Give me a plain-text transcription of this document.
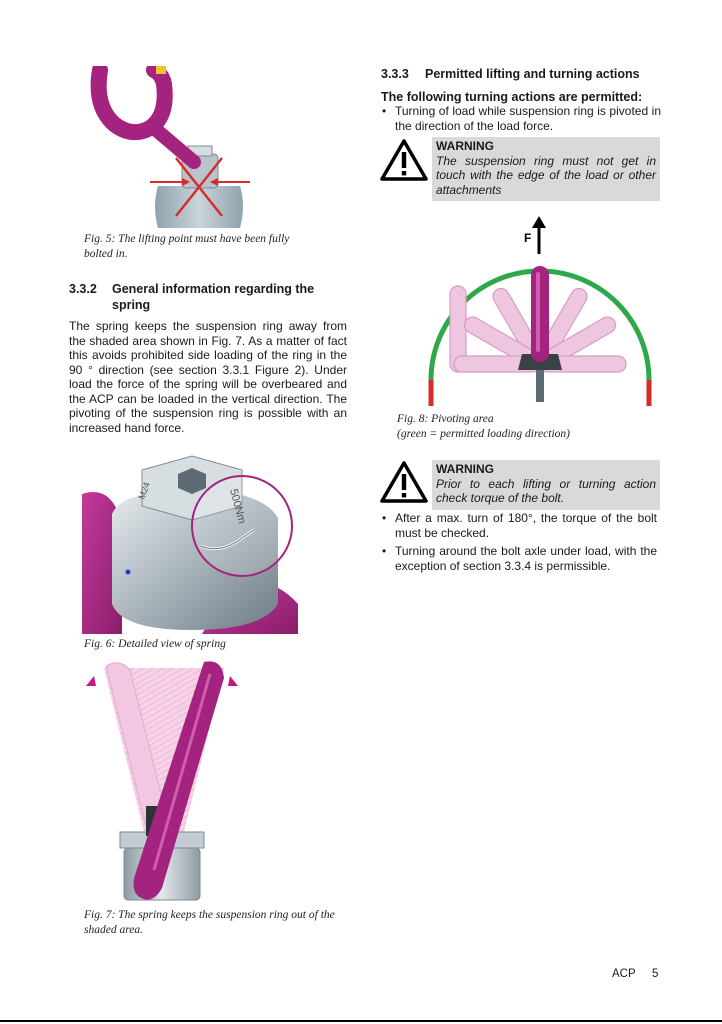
Fig. 5: The lifting point must have been fully bolted in.
3.3.2 General information regarding the spring
The spring keeps the suspension ring away from the shaded area shown in Fig. 7. As a matter of fact this avoids prohibited side loading of the ring in the 90 ° direction (see section 3.3.1 Figure 2). Under load the force of the spring will be overbeared and the ACP can be loaded in the vertical direction. The pivoting of the suspension ring is possible with an increased hand force.
M24	500Nm
Fig. 6: Detailed view of spring
Fig. 7: The spring keeps the suspension ring out of the shaded area.
3.3.3 Permitted lifting and turning actions
The following turning actions are permitted:
• Turning of load while suspension ring is pivoted in the direction of the load force.
WARNING
The suspension ring must not get in touch with the edge of the load or other attachments
F
Fig. 8: Pivoting area
(green = permitted loading direction)
WARNING
Prior to each lifting or turning action check torque of the bolt.
• After a max. turn of 180°, the torque of the bolt must be checked.
• Turning around the bolt axle under load, with the exception of section 3.3.4 is permissible.
ACP 5
